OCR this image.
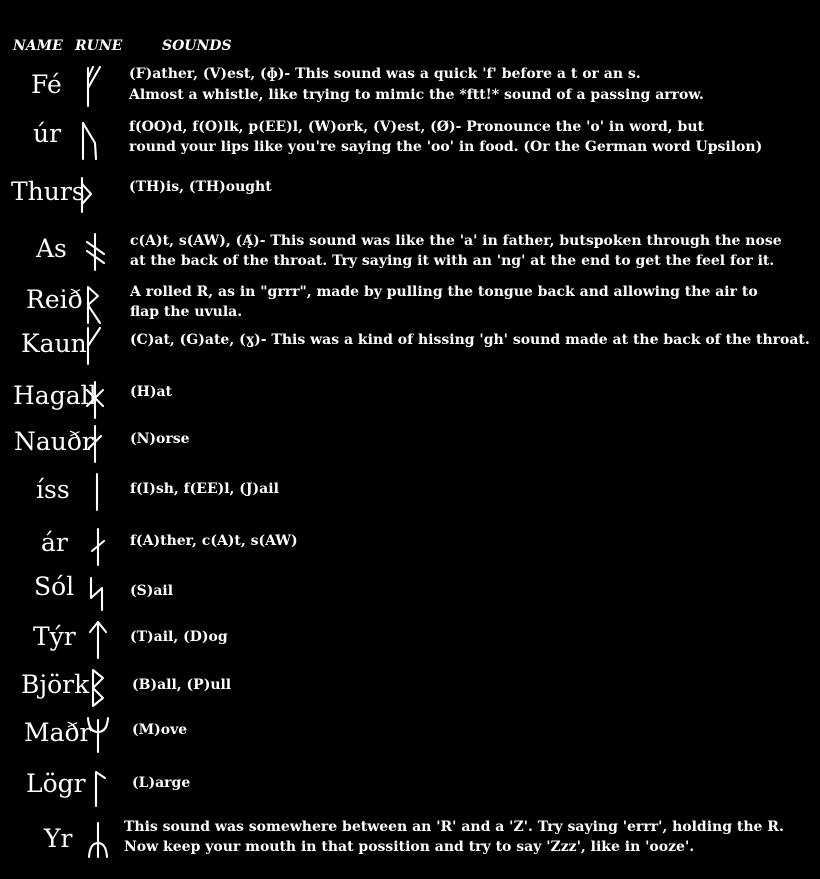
NAME RUNE	SOUNDS
Fé	(F)ather, (V)est, (ɸ)- This sound was a quick 'f' before a t or an s.
Almost a whistle, like trying to mimic the *ftt!* sound of a passing arrow.
úr	f(OO)d, f(O)lk, p(EE)l, (W)ork, (V)est, (Ø)- Pronounce the 'o' in word, but
round your lips like you're saying the 'oo' in food. (Or the German word Upsilon)
Thurs	(TH)is, (TH)ought
As	c(A)t, s(AW), (Ą́)- This sound was like the 'a' in father, butspoken through the nose
at the back of the throat. Try saying it with an 'ng' at the end to get the feel for it.
Reið	A rolled R, as in "grrr", made by pulling the tongue back and allowing the air to
flap the uvula.
Kaun	(C)at, (G)ate, (ɣ)- This was a kind of hissing 'gh' sound made at the back of the throat.
Hagall (H)at
Nauðr	(N)orse
íss	f(I)sh, f(EE)l, (J)ail
ár	f(A)ther, c(A)t, s(AW)
Sól	(S)ail
Týr	(T)ail, (D)og
Björk	(B)all, (P)ull
Maðr	(M)ove
Lögr	(L)arge
Yr	This sound was somewhere between an 'R' and a 'Z'. Try saying 'errr', holding the R.
Now keep your mouth in that possition and try to say 'Zzz', like in 'ooze'.
